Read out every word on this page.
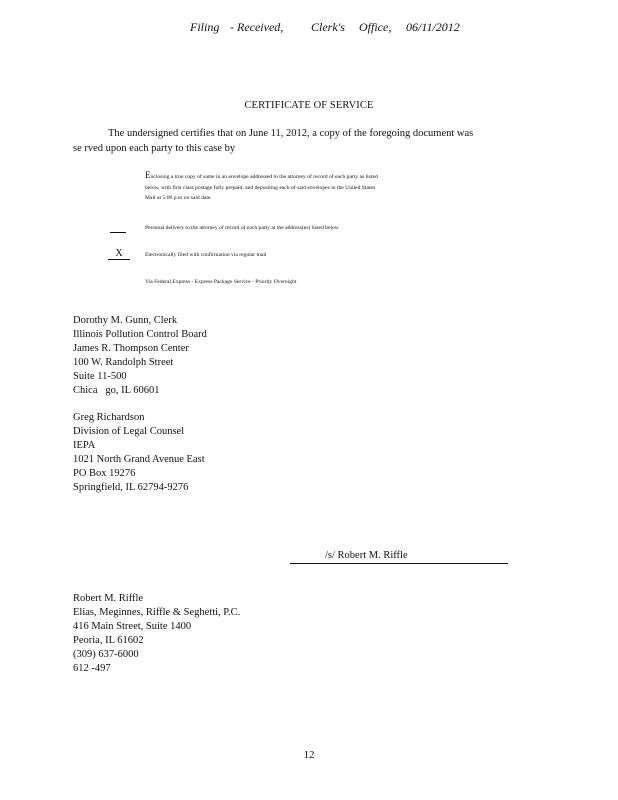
Filing - Received, Clerk's Office, 06/11/2012
CERTIFICATE OF SERVICE
The undersigned certifies that on June 11, 2012, a copy of the foregoing document was
se rved upon each party to this case by
Enclosing a true copy of same in an envelope addressed to the attorney of record of each party as listed
below, with first class postage fully prepaid, and depositing each of said envelopes in the United States
Mail at 5:00 p.m on said date.
Personal delivery to the attorney of record of each party at the address(es) listed below
X	Electronically filed with confirmation via regular mail
Via Federal Express - Express Package Service - Priority Overnight
Dorothy M. Gunn, Clerk
Illinois Pollution Control Board
James R. Thompson Center
100 W. Randolph Street
Suite 11-500
Chica   go, IL 60601
Greg Richardson
Division of Legal Counsel
IEPA
1021 North Grand Avenue East
PO Box 19276
Springfield, IL 62794-9276
/s/ Robert M. Riffle
Robert M. Riffle
Elias, Meginnes, Riffle & Seghetti, P.C.
416 Main Street, Suite 1400
Peoria, IL 61602
(309) 637-6000
612 -497
12
